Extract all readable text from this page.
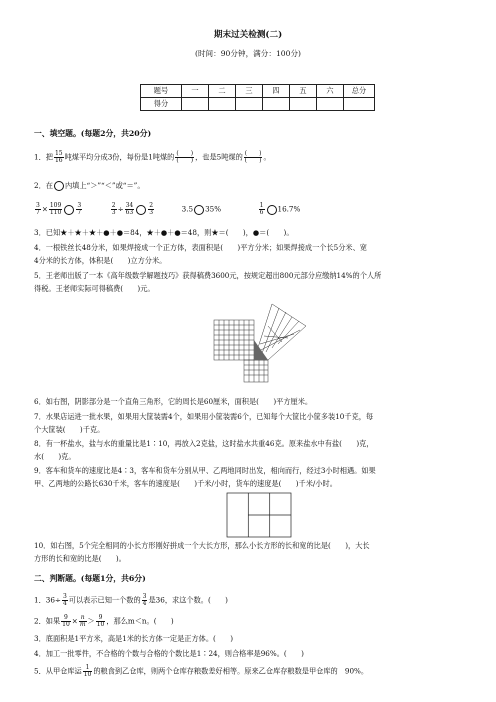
期末过关检测(二)
(时间：90分钟，满分：100分)
题号	一	二	三	四	五	六	总分
得分							
一、填空题。(每题2分，共20分)
1．把 $\frac{15}{16}$ 吨煤平均分成3份，每份是1吨煤的 $\frac{( )}{( )}$ ，也是5吨煤的 $\frac{( )}{( )}$ 。
2．在 内填上“＞”“＜”或“＝”。
$\frac{3}{7} \times \frac{109}{110} \frac{3}{7}$
	$\frac{2}{3} \div \frac{34}{63} \frac{2}{3}$	3.5 35%	$\frac{1}{6} 16.7\%$
3．已知★＋★＋★＋●＋●＝84，★＋●＋●＝48，则★＝(　　)，●＝(　　)。
4．一根铁丝长48分米，如果焊接成一个正方体，表面积是(　　)平方分米；如果焊接成一个长5分米、宽
4分米的长方体，体积是(　　)立方分米。
5．王老师出版了一本《高年级数学解题技巧》获得稿费3600元，按规定超出800元部分应缴纳14%的个人所
得税。王老师实际可得稿费(　　)元。
6．如右图，阴影部分是一个直角三角形，它的周长是60厘米，面积是(　　)平方厘米。
7．水果店运进一批水果，如果用大筐装需4个，如果用小筐装需6个，已知每个大筐比小筐多装10千克，每
个大筐装(　　)千克。
8．有一杯盐水，盐与水的重量比是1∶10，再放入2克盐，这时盐水共重46克。原来盐水中有盐(　　)克，
水(　　)克。
9．客车和货车的速度比是4∶3，客车和货车分别从甲、乙两地同时出发，相向而行，经过3小时相遇。如果
甲、乙两地的公路长630千米，客车的速度是(　　)千米/小时，货车的速度是(　　)千米/小时。
10．如右图，5个完全相同的小长方形刚好拼成一个大长方形，那么小长方形的长和宽的比是(　　)，大长
方形的长和宽的比是(　　)。
二、判断题。(每题1分，共6分)
1．$36\div \frac{3}{4}$ 可以表示已知一个数的 $\frac{3}{4}$ 是36，求这个数。(　　)
2．如果 $\frac{9}{10} \times \frac{n}{m} > \frac{9}{10}$ ，那么m＜n。(　　)
3．底面积是1平方米，高是1米的长方体一定是正方体。(　　)
4．加工一批零件，不合格的个数与合格的个数比是1∶24，则合格率是96%。(　　)
5．从甲仓库运 $\frac{1}{10}$ 的粮食到乙仓库，则两个仓库存粮数差好相等。原来乙仓库存粮数是甲仓库的　90%。
